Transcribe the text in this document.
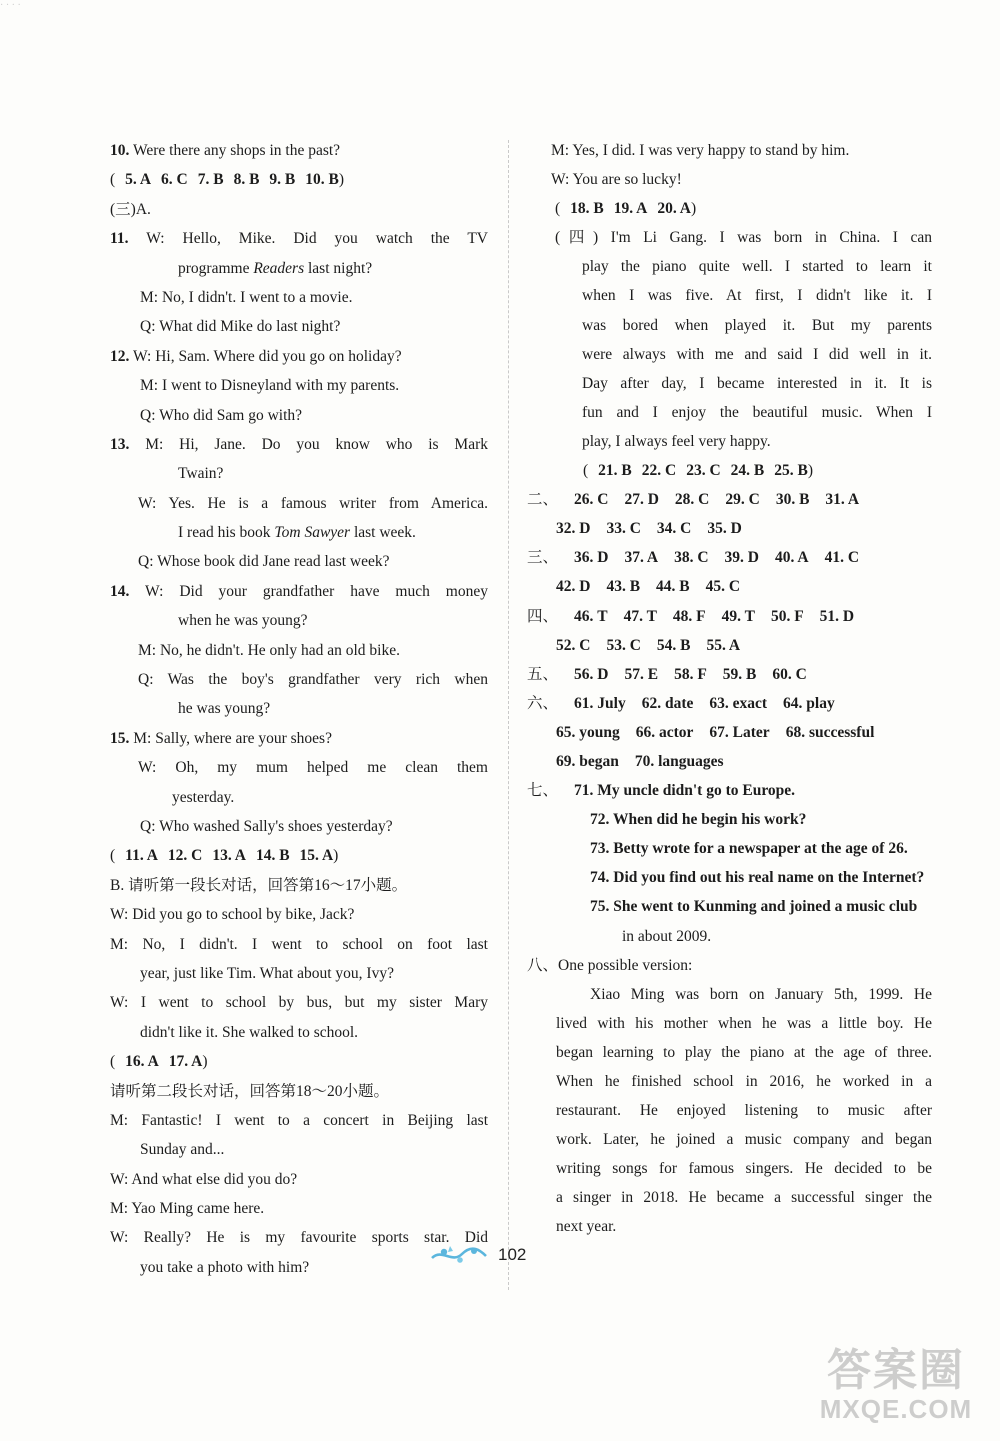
· · · ·
10. Were there any shops in the past?
( 5. A 6. C 7. B 8. B 9. B 10. B)
(三)A.
11. W: Hello, Mike. Did you watch the TV
programme Readers last night?
M: No, I didn't. I went to a movie.
Q: What did Mike do last night?
12. W: Hi, Sam. Where did you go on holiday?
M: I went to Disneyland with my parents.
Q: Who did Sam go with?
13. M: Hi, Jane. Do you know who is Mark
Twain?
W: Yes. He is a famous writer from America.
I read his book Tom Sawyer last week.
Q: Whose book did Jane read last week?
14. W: Did your grandfather have much money
when he was young?
M: No, he didn't. He only had an old bike.
Q: Was the boy's grandfather very rich when
he was young?
15. M: Sally, where are your shoes?
W: Oh, my mum helped me clean them
yesterday.
Q: Who washed Sally's shoes yesterday?
( 11. A 12. C 13. A 14. B 15. A)
B. 请听第一段长对话，回答第16～17小题。
W: Did you go to school by bike, Jack?
M: No, I didn't. I went to school on foot last
year, just like Tim. What about you, Ivy?
W: I went to school by bus, but my sister Mary
didn't like it. She walked to school.
( 16. A 17. A)
请听第二段长对话，回答第18～20小题。
M: Fantastic! I went to a concert in Beijing last
Sunday and...
W: And what else did you do?
M: Yao Ming came here.
W: Really? He is my favourite sports star. Did
you take a photo with him?
M: Yes, I did. I was very happy to stand by him.
W: You are so lucky!
( 18. B 19. A 20. A)
(四) I'm Li Gang. I was born in China. I can
play the piano quite well. I started to learn it
when I was five. At first, I didn't like it. I
was bored when played it. But my parents
were always with me and said I did well in it.
Day after day, I became interested in it. It is
fun and I enjoy the beautiful music. When I
play, I always feel very happy.
( 21. B 22. C 23. C 24. B 25. B)
二、 26. C 27. D 28. C 29. C 30. B 31. A
32. D 33. C 34. C 35. D
三、 36. D 37. A 38. C 39. D 40. A 41. C
42. D 43. B 44. B 45. C
四、 46. T 47. T 48. F 49. T 50. F 51. D
52. C 53. C 54. B 55. A
五、 56. D 57. E 58. F 59. B 60. C
六、 61. July 62. date 63. exact 64. play
65. young 66. actor 67. Later 68. successful
69. began 70. languages
七、 71. My uncle didn't go to Europe.
72. When did he begin his work?
73. Betty wrote for a newspaper at the age of 26.
74. Did you find out his real name on the Internet?
75. She went to Kunming and joined a music club
in about 2009.
八、One possible version:
Xiao Ming was born on January 5th, 1999. He
lived with his mother when he was a little boy. He
began learning to play the piano at the age of three.
When he finished school in 2016, he worked in a
restaurant. He enjoyed listening to music after
work. Later, he joined a music company and began
writing songs for famous singers. He decided to be
a singer in 2018. He became a successful singer the
next year.
102
答案圈
MXQE.COM
